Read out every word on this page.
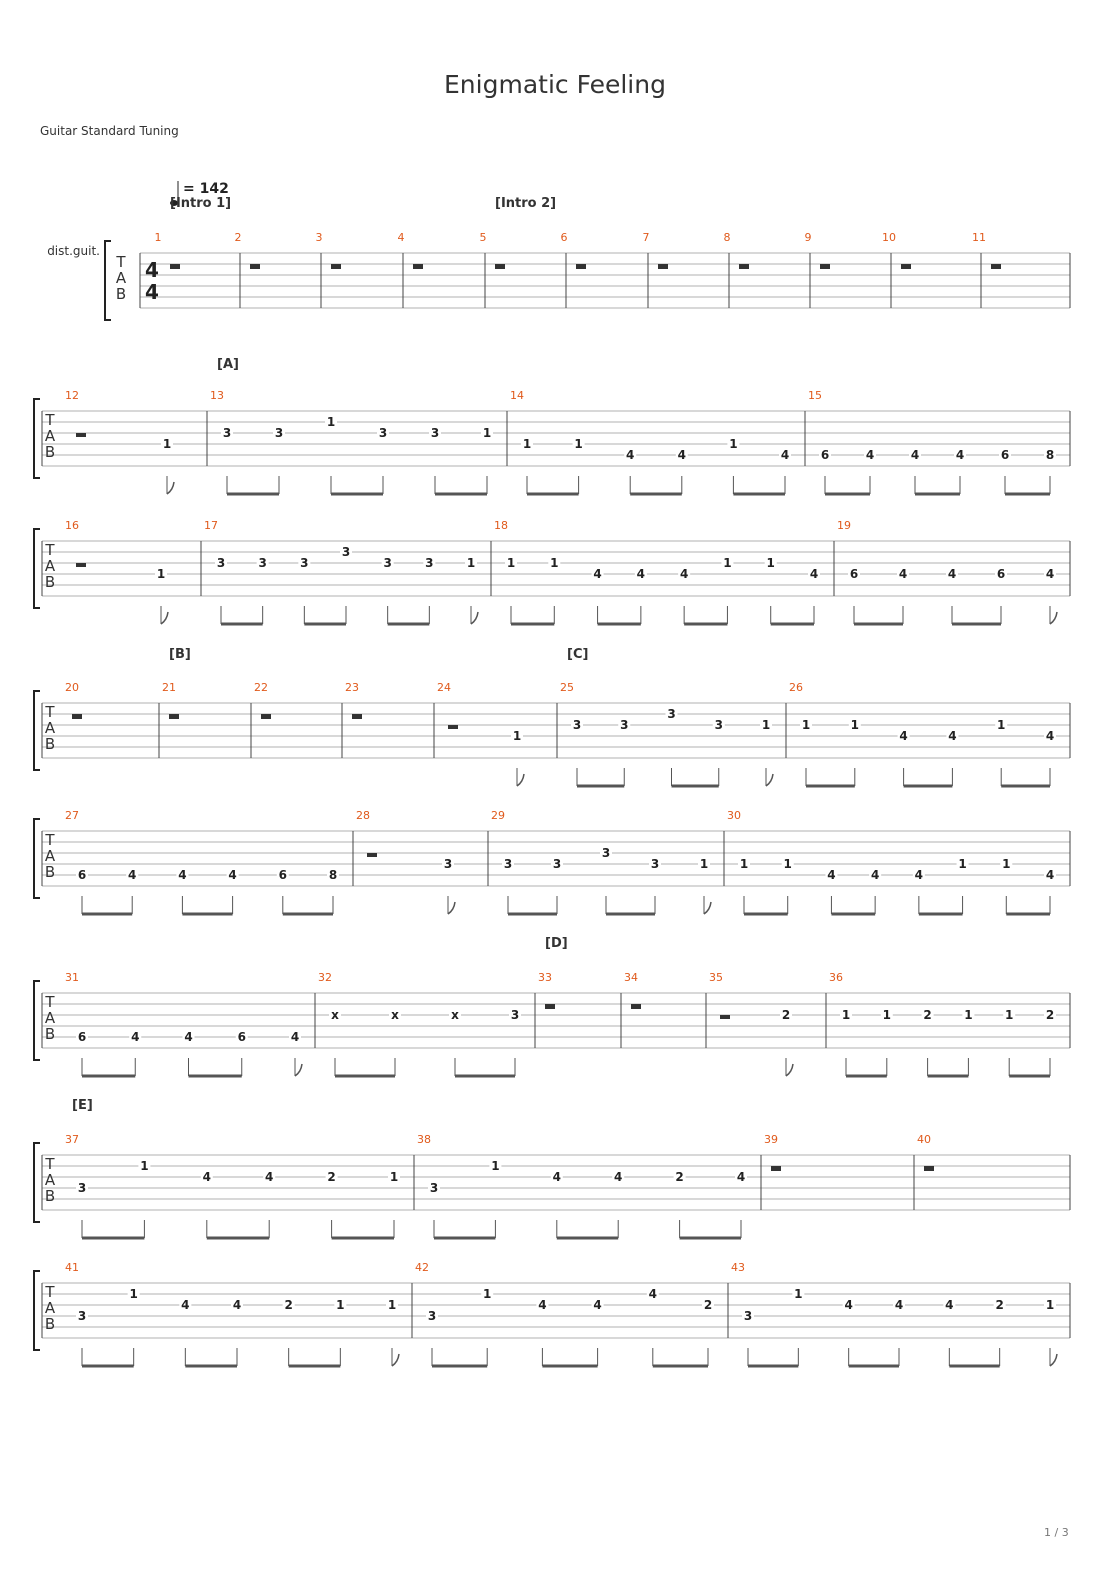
Enigmatic Feeling
Guitar Standard Tuning
T
A
B
dist.guit.
4
4
= 142
1
[Intro 1]
2	3	4	5
[Intro 2]
6	7	8	9	10	11
T
A
B
12
1
13
[A]
3	3
1
3	3	1
14
1	1
4	4
1
4
15
6	4	4	4	6	8
T
A
B
16
1
17
3	3	3
3
3	3	1
18
1	1
4	4	4
1	1
4
19
6	4	4	6	4
T
A
B
20	21
[B]
22	23	24
1
25
[C]
3	3
3
3	1
26
1	1
4	4
1
4
T
A
B
27
6	4	4	4	6	8
28
3
29
3	3
3
3	1
30
1	1
4	4	4
1	1
4
T
A
B
31
6	4	4	6	4
32
x	x	x	3
33
[D]
34	35
2
36
1	1	2	1	1	2
T
A
B
37
[E]
3
1
4	4	2	1
38
3
1
4	4	2	4
39	40
T
A
B
41
3
1
4	4	2	1	1
42
3
1
4	4
4
2
43
3
1
4	4	4	2	1
1 / 3
